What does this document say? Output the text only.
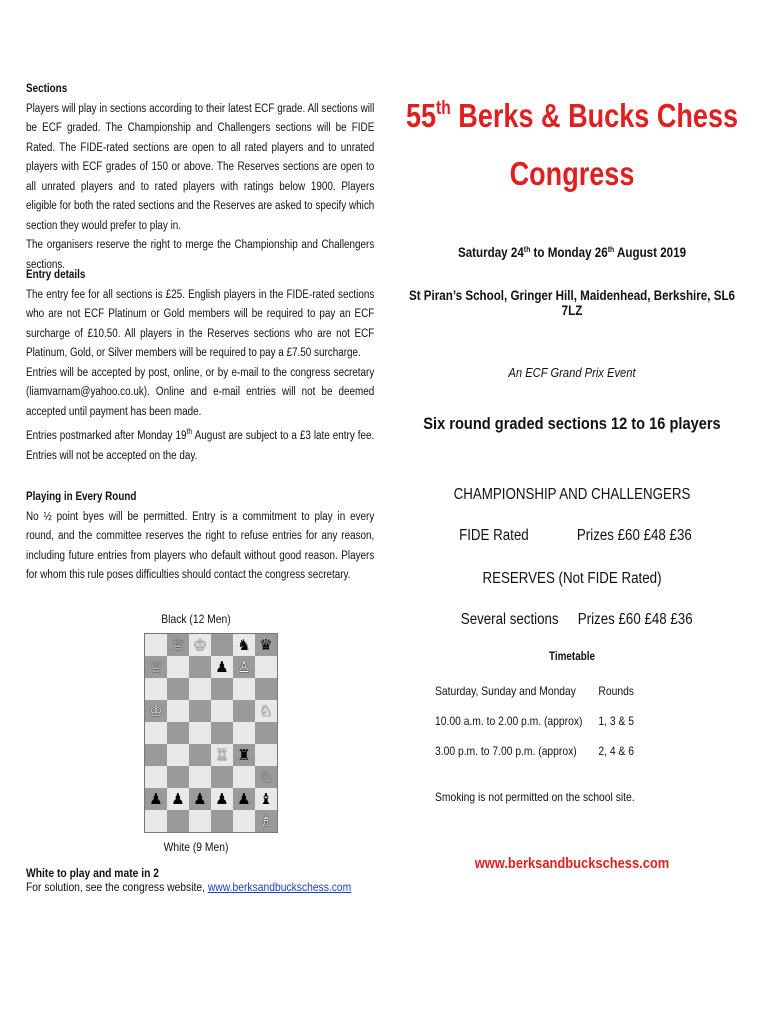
Sections

Players will play in sections according to their latest ECF grade. All sections will be ECF graded. The Championship and Challengers sections will be FIDE Rated. The FIDE-rated sections are open to all rated players and to unrated players with ECF grades of 150 or above. The Reserves sections are open to all unrated players and to rated players with ratings below 1900. Players eligible for both the rated sections and the Reserves are asked to specify which section they would prefer to play in.

The organisers reserve the right to merge the Championship and Challengers sections.

Entry details

The entry fee for all sections is £25. English players in the FIDE-rated sections who are not ECF Platinum or Gold members will be required to pay an ECF surcharge of £10.50. All players in the Reserves sections who are not ECF Platinum, Gold, or Silver members will be required to pay a £7.50 surcharge.

Entries will be accepted by post, online, or by e-mail to the congress secretary (liamvarnam@yahoo.co.uk). Online and e-mail entries will not be deemed accepted until payment has been made.

Entries postmarked after Monday 19th August are subject to a £3 late entry fee. Entries will not be accepted on the day.

Playing in Every Round

No ½ point byes will be permitted. Entry is a commitment to play in every round, and the committee reserves the right to refuse entries for any reason, including future entries from players who default without good reason. Players for whom this rule poses difficulties should contact the congress secretary.

Black (12 Men)
♕ ♔ ♞ ♛
♕	♟ ♙
♔	♘
♖ ♜
♘
♟ ♟ ♟ ♟ ♟ ♝
♗
White (9 Men)
White to play and mate in 2
For solution, see the congress website, www.berksandbuckschess.com
55th Berks & Bucks Chess
Congress
Saturday 24th to Monday 26th August 2019
St Piran’s School, Gringer Hill, Maidenhead, Berkshire, SL6 7LZ
An ECF Grand Prix Event
Six round graded sections 12 to 16 players
CHAMPIONSHIP AND CHALLENGERS
FIDE Rated	Prizes £60 £48 £36
RESERVES (Not FIDE Rated)
Several sections Prizes £60 £48 £36
Timetable
Saturday, Sunday and Monday Rounds
10.00 a.m. to 2.00 p.m. (approx) 1, 3 & 5
3.00 p.m. to 7.00 p.m. (approx) 2, 4 & 6
Smoking is not permitted on the school site.
www.berksandbuckschess.com
